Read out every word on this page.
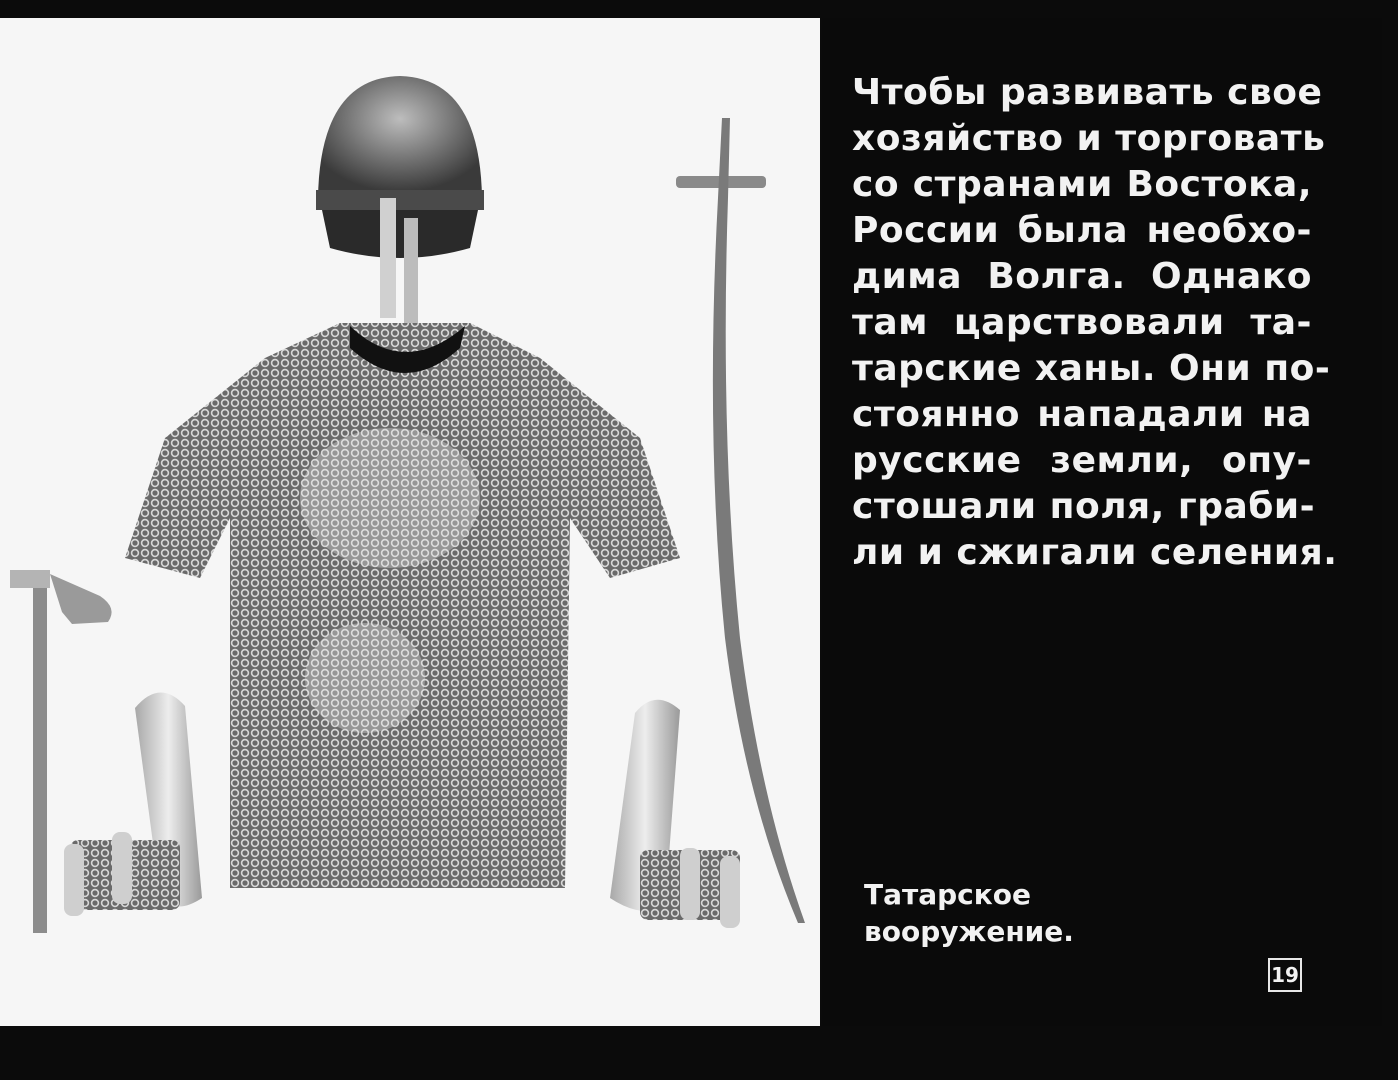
Чтобы развивать свое
хозяйство и торговать
со странами Востока,
России была необхо-
дима Волга. Однако
там царствовали та-
тарские ханы. Они по-
стоянно нападали на
русские земли, опу-
стошали поля, граби-
ли и сжигали селения.
Татарское
вооружение.
19
